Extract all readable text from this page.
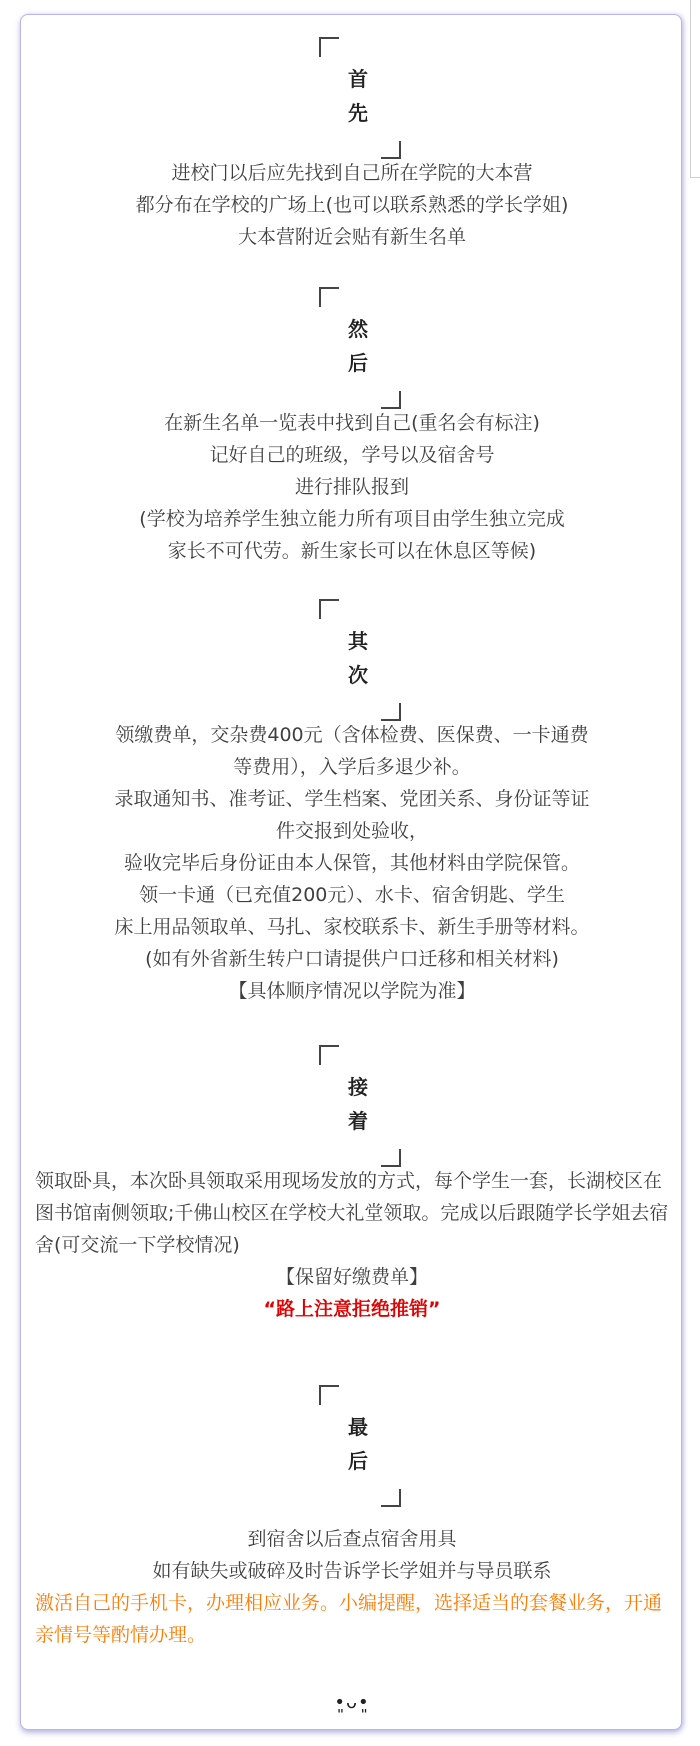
首
先
进校门以后应先找到自己所在学院的大本营
都分布在学校的广场上(也可以联系熟悉的学长学姐)
大本营附近会贴有新生名单
然
后
在新生名单一览表中找到自己(重名会有标注)
记好自己的班级，学号以及宿舍号
进行排队报到
(学校为培养学生独立能力所有项目由学生独立完成
家长不可代劳。新生家长可以在休息区等候)
其
次
领缴费单，交杂费400元（含体检费、医保费、一卡通费
等费用），入学后多退少补。
录取通知书、准考证、学生档案、党团关系、身份证等证
件交报到处验收，
验收完毕后身份证由本人保管，其他材料由学院保管。
领一卡通（已充值200元）、水卡、宿舍钥匙、学生
床上用品领取单、马扎、家校联系卡、新生手册等材料。
(如有外省新生转户口请提供户口迁移和相关材料)
【具体顺序情况以学院为准】
接
着
领取卧具，本次卧具领取采用现场发放的方式，每个学生一套，长湖校区在图书馆南侧领取;千佛山校区在学校大礼堂领取。完成以后跟随学长学姐去宿舍(可交流一下学校情况)
【保留好缴费单】
“路上注意拒绝推销”
最
后
到宿舍以后查点宿舍用具
如有缺失或破碎及时告诉学长学姐并与导员联系
激活自己的手机卡，办理相应业务。小编提醒，选择适当的套餐业务，开通亲情号等酌情办理。
•͈ᴗ•͈
